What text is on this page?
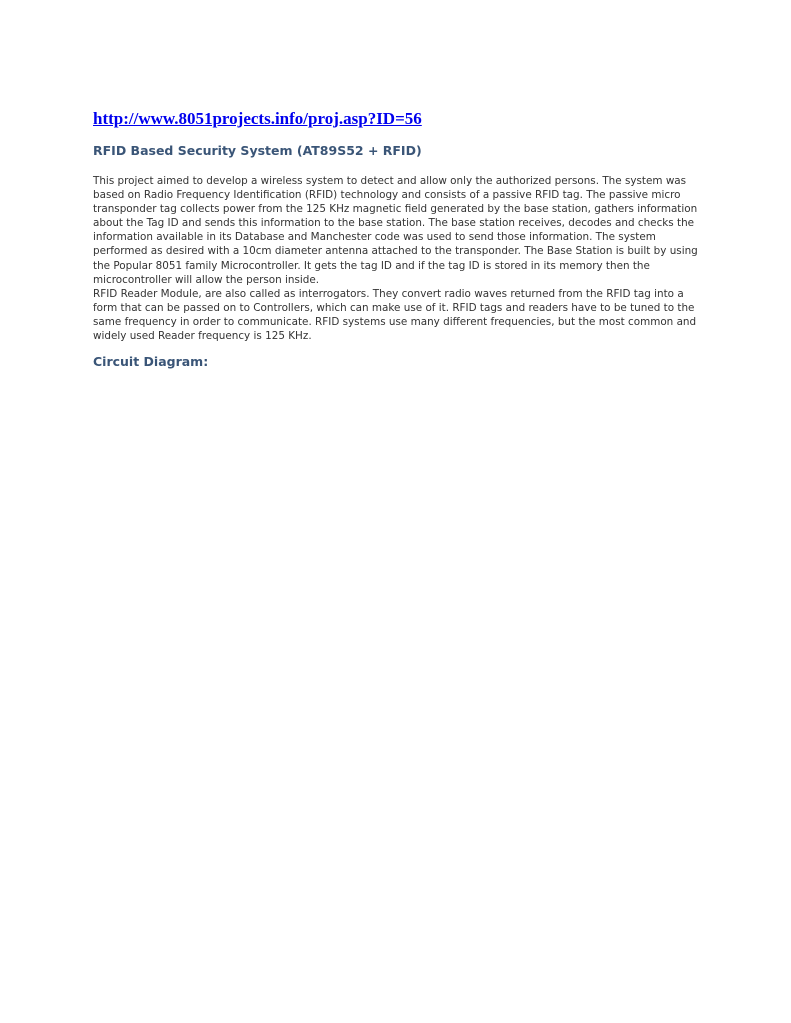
http://www.8051projects.info/proj.asp?ID=56
RFID Based Security System (AT89S52 + RFID)

This project aimed to develop a wireless system to detect and allow only the authorized persons. The system was based on Radio Frequency Identification (RFID) technology and consists of a passive RFID tag. The passive micro transponder tag collects power from the 125 KHz magnetic field generated by the base station, gathers information about the Tag ID and sends this information to the base station. The base station receives, decodes and checks the information available in its Database and Manchester code was used to send those information. The system performed as desired with a 10cm diameter antenna attached to the transponder. The Base Station is built by using the Popular 8051 family Microcontroller. It gets the tag ID and if the tag ID is stored in its memory then the microcontroller will allow the person inside.

RFID Reader Module, are also called as interrogators. They convert radio waves returned from the RFID tag into a form that can be passed on to Controllers, which can make use of it. RFID tags and readers have to be tuned to the same frequency in order to communicate. RFID systems use many different frequencies, but the most common and widely used Reader frequency is 125 KHz.

Circuit Diagram:
